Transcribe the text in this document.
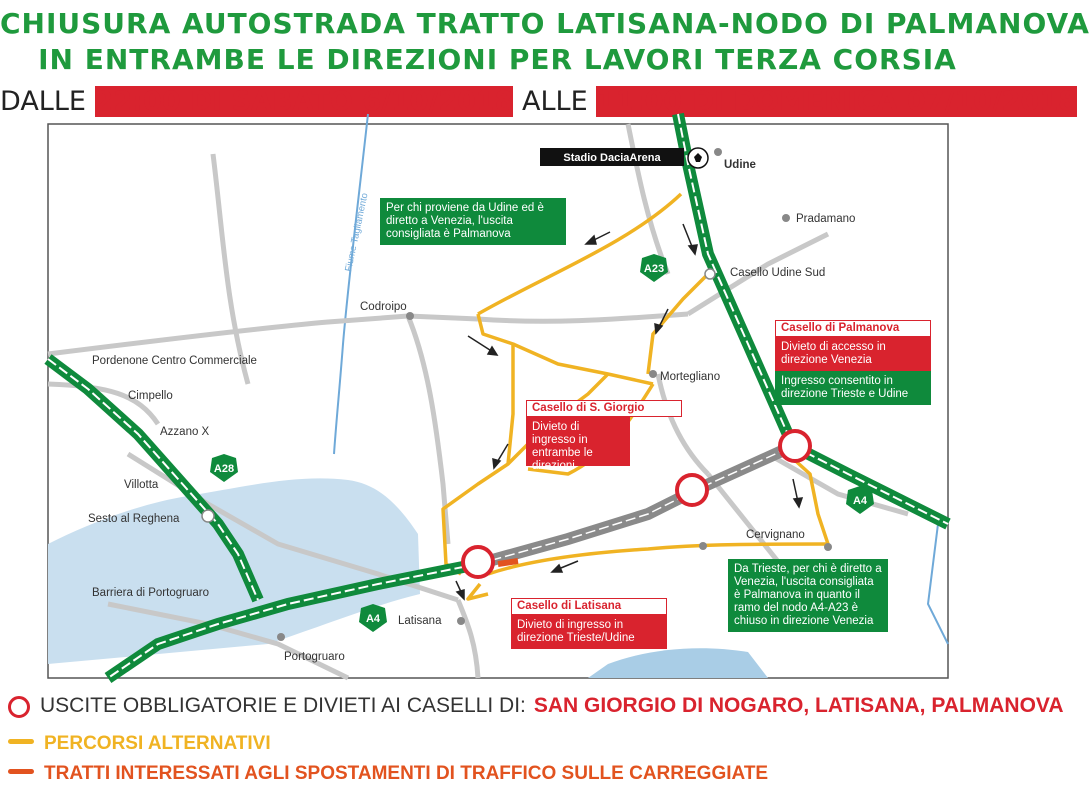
CHIUSURA AUTOSTRADA TRATTO LATISANA-NODO DI PALMANOVA
IN ENTRAMBE LE DIREZIONI PER LAVORI TERZA CORSIA
DALLE 22:00 DI SABATO 6/10/2018 ALLE 11:00 DI DOMENICA 07/10/2018
A23
A28
A4
A4
Stadio DaciaArena
Udine
Pradamano
Casello Udine Sud
Codroipo
Mortegliano
Pordenone Centro Commerciale
Cimpello
Azzano X
Villotta
Sesto al Reghena
Barriera di Portogruaro
Portogruaro
Latisana
Cervignano
Fiume Tagliamento	Per chi proviene da Udine ed è diretto a Venezia, l'uscita consigliata è Palmanova
Casello di Palmanova
Divieto di accesso in direzione Venezia
Ingresso consentito in direzione Trieste e Udine
Casello di S. Giorgio
Divieto di ingresso in entrambe le direzioni
Casello di Latisana
Divieto di ingresso in direzione Trieste/Udine
Da Trieste, per chi è diretto a Venezia, l'uscita consigliata è Palmanova in quanto il ramo del nodo A4-A23 è chiuso in direzione Venezia
USCITE OBBLIGATORIE E DIVIETI AI CASELLI DI: SAN GIORGIO DI NOGARO, LATISANA, PALMANOVA
PERCORSI ALTERNATIVI
TRATTI INTERESSATI AGLI SPOSTAMENTI DI TRAFFICO SULLE CARREGGIATE
